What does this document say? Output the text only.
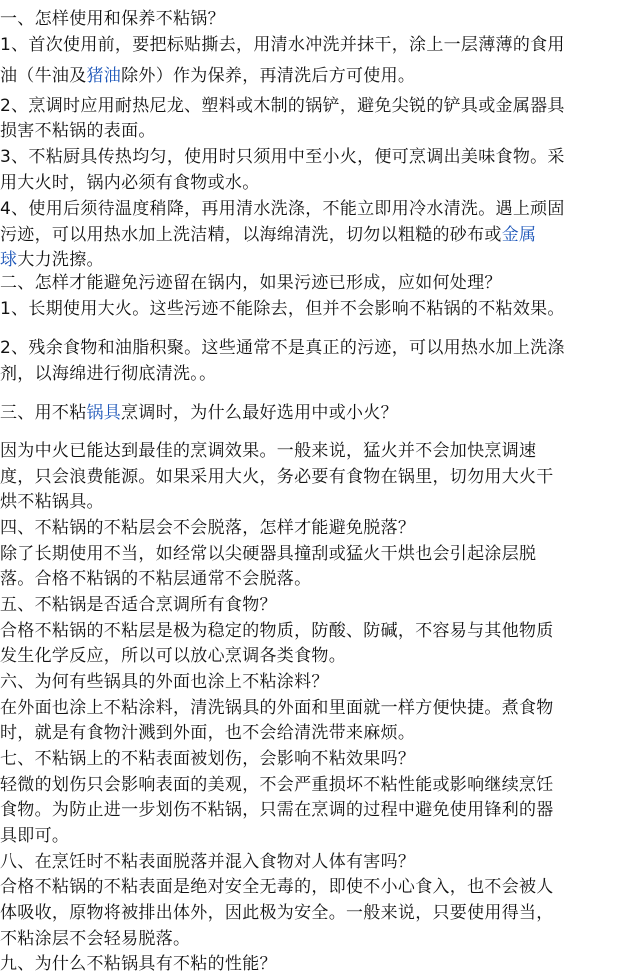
一、怎样使用和保养不粘锅？
1、首次使用前，要把标贴撕去，用清水冲洗并抹干，涂上一层薄薄的食用
油（牛油及猪油除外）作为保养，再清洗后方可使用。
2、烹调时应用耐热尼龙、塑料或木制的锅铲，避免尖锐的铲具或金属器具
损害不粘锅的表面。
3、不粘厨具传热均匀，使用时只须用中至小火，便可烹调出美味食物。采
用大火时，锅内必须有食物或水。
4、使用后须待温度稍降，再用清水洗涤，不能立即用冷水清洗。遇上顽固
污迹，可以用热水加上洗洁精，以海绵清洗，切勿以粗糙的砂布或金属
球大力洗擦。
二、怎样才能避免污迹留在锅内，如果污迹已形成，应如何处理？
1、长期使用大火。这些污迹不能除去，但并不会影响不粘锅的不粘效果。
2、残余食物和油脂积聚。这些通常不是真正的污迹，可以用热水加上洗涤
剂，以海绵进行彻底清洗。。
三、用不粘锅具烹调时，为什么最好选用中或小火？
因为中火已能达到最佳的烹调效果。一般来说，猛火并不会加快烹调速
度，只会浪费能源。如果采用大火，务必要有食物在锅里，切勿用大火干
烘不粘锅具。
四、不粘锅的不粘层会不会脱落，怎样才能避免脱落？
除了长期使用不当，如经常以尖硬器具撞刮或猛火干烘也会引起涂层脱
落。合格不粘锅的不粘层通常不会脱落。
五、不粘锅是否适合烹调所有食物？
合格不粘锅的不粘层是极为稳定的物质，防酸、防碱，不容易与其他物质
发生化学反应，所以可以放心烹调各类食物。
六、为何有些锅具的外面也涂上不粘涂料？
在外面也涂上不粘涂料，清洗锅具的外面和里面就一样方便快捷。煮食物
时，就是有食物汁溅到外面，也不会给清洗带来麻烦。
七、不粘锅上的不粘表面被划伤，会影响不粘效果吗？
轻微的划伤只会影响表面的美观，不会严重损坏不粘性能或影响继续烹饪
食物。为防止进一步划伤不粘锅，只需在烹调的过程中避免使用锋利的器
具即可。
八、在烹饪时不粘表面脱落并混入食物对人体有害吗？
合格不粘锅的不粘表面是绝对安全无毒的，即使不小心食入，也不会被人
体吸收，原物将被排出体外，因此极为安全。一般来说，只要使用得当，
不粘涂层不会轻易脱落。
九、为什么不粘锅具有不粘的性能？
